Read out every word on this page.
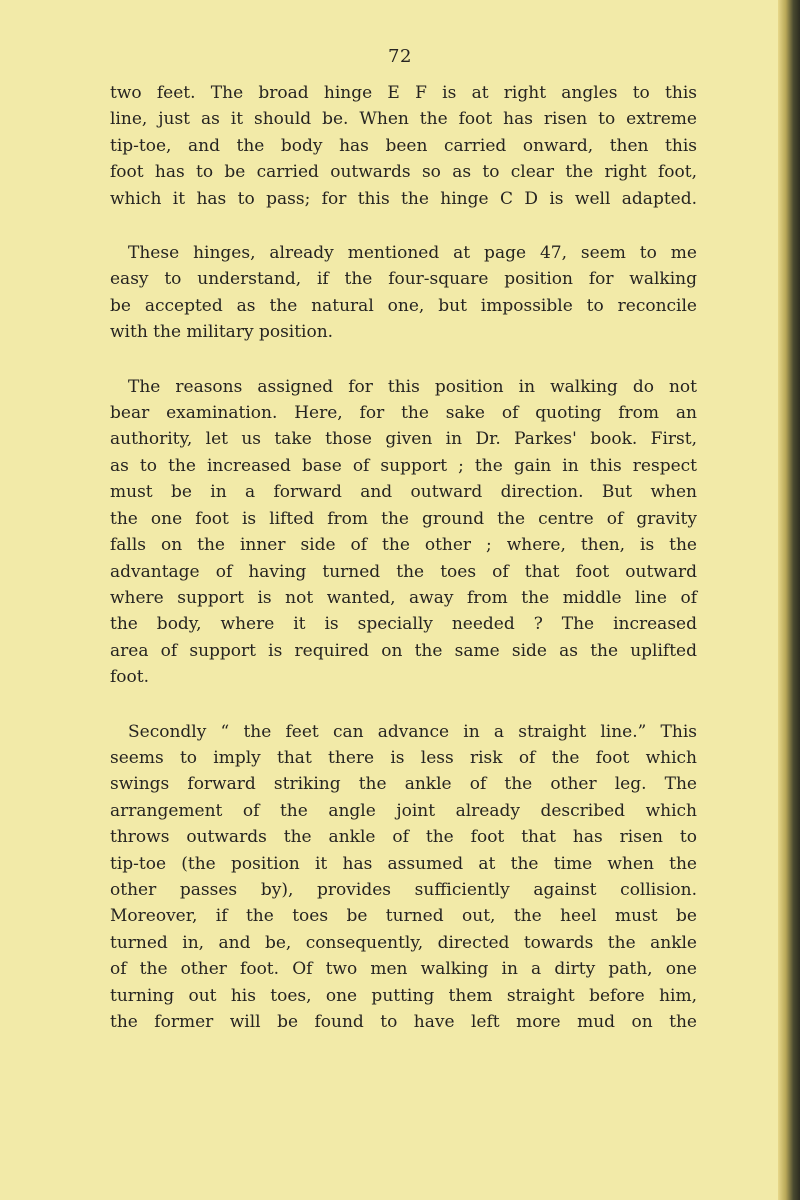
72
two feet. The broad hinge E F is at right angles to this
line, just as it should be. When the foot has risen to extreme
tip-toe, and the body has been carried onward, then this
foot has to be carried outwards so as to clear the right foot,
which it has to pass; for this the hinge C D is well adapted.
These hinges, already mentioned at page 47, seem to me
easy to understand, if the four-square position for walking
be accepted as the natural one, but impossible to reconcile
with the military position.
The reasons assigned for this position in walking do not
bear examination. Here, for the sake of quoting from an
authority, let us take those given in Dr. Parkes' book. First,
as to the increased base of support ; the gain in this respect
must be in a forward and outward direction. But when
the one foot is lifted from the ground the centre of gravity
falls on the inner side of the other ; where, then, is the
advantage of having turned the toes of that foot outward
where support is not wanted, away from the middle line of
the body, where it is specially needed ? The increased
area of support is required on the same side as the uplifted
foot.
Secondly “ the feet can advance in a straight line.” This
seems to imply that there is less risk of the foot which
swings forward striking the ankle of the other leg. The
arrangement of the angle joint already described which
throws outwards the ankle of the foot that has risen to
tip-toe (the position it has assumed at the time when the
other passes by), provides sufficiently against collision.
Moreover, if the toes be turned out, the heel must be
turned in, and be, consequently, directed towards the ankle
of the other foot. Of two men walking in a dirty path, one
turning out his toes, one putting them straight before him,
the former will be found to have left more mud on the
